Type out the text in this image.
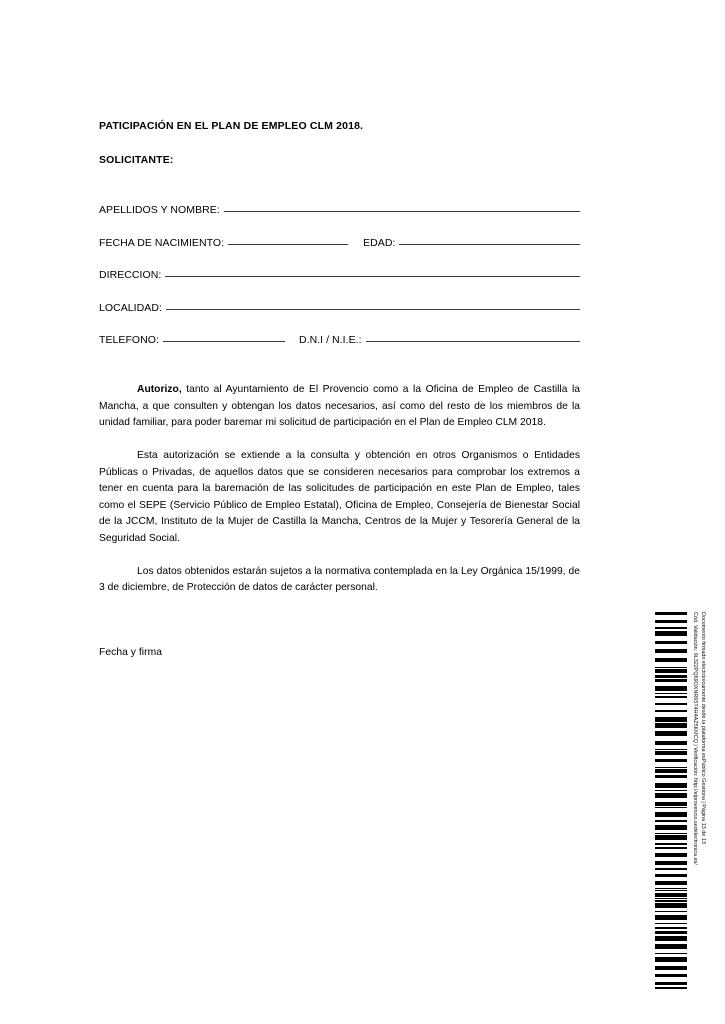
PATICIPACIÓN EN EL PLAN DE EMPLEO CLM 2018.
SOLICITANTE:
APELLIDOS Y NOMBRE:
FECHA DE NACIMIENTO:	EDAD:
DIRECCION:
LOCALIDAD:
TELEFONO:	D.N.I / N.I.E.:

Autorizo, tanto al Ayuntamiento de El Provencio como a la Oficina de Empleo de Castilla la Mancha, a que consulten y obtengan los datos necesarios, así como del resto de los miembros de la unidad familiar, para poder baremar mi solicitud de participación en el Plan de Empleo CLM 2018.

Esta autorización se extiende a la consulta y obtención en otros Organismos o Entidades Públicas o Privadas, de aquellos datos que se consideren necesarios para comprobar los extremos a tener en cuenta para la baremación de las solicitudes de participación en este Plan de Empleo, tales como el SEPE (Servicio Público de Empleo Estatal), Oficina de Empleo, Consejería de Bienestar Social de la JCCM, Instituto de la Mujer de Castilla la Mancha, Centros de la Mujer y Tesorería General de la Seguridad Social.

Los datos obtenidos estarán sujetos a la normativa contemplada en la Ley Orgánica 15/1999, de 3 de diciembre, de Protección de datos de carácter personal.

Fecha y firma	Cód. Validación: 9L322PQ69OXNR65T4H4AZ5KMCQ | Verificación: http://elprovencio.sedelectronica.es/ Documento firmado electrónicamente desde la plataforma esPublico Gestiona | Página 13 de 13
